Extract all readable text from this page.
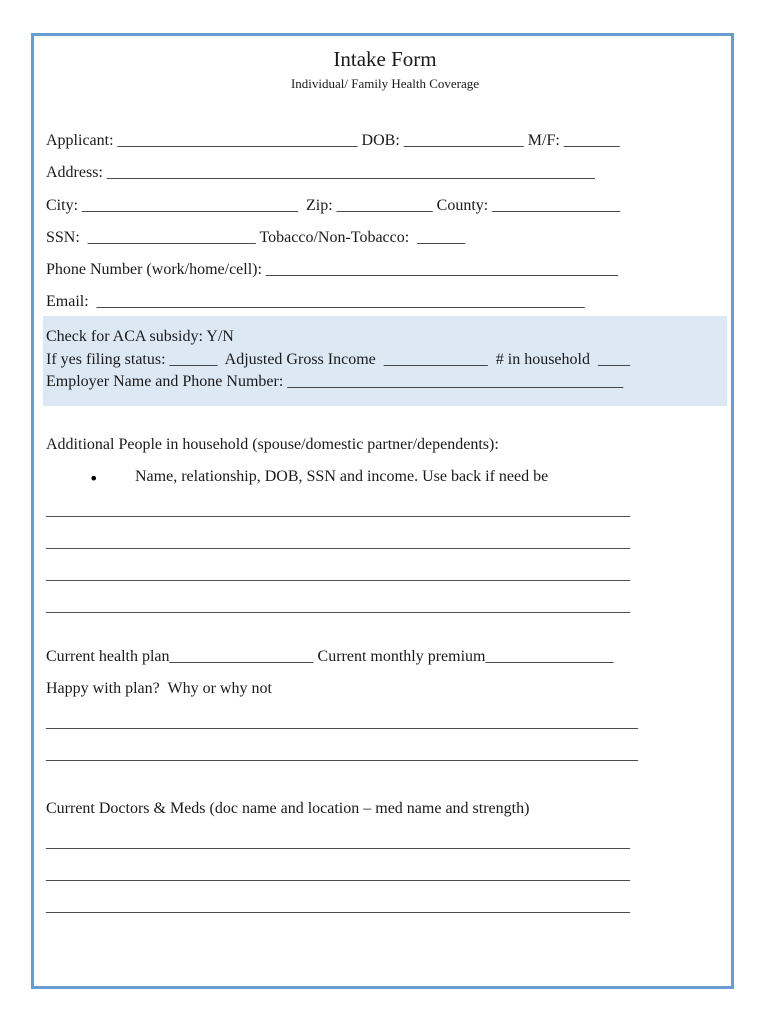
Intake Form
Individual/ Family Health Coverage
Applicant: ______________________________ DOB: _______________ M/F: _______
Address: _____________________________________________________________
City: ___________________________  Zip: ____________ County: ________________
SSN:  _____________________ Tobacco/Non-Tobacco:  ______
Phone Number (work/home/cell): ____________________________________________
Email:  _____________________________________________________________
Check for ACA subsidy: Y/N
If yes filing status: ______  Adjusted Gross Income  _____________  # in household  ____
Employer Name and Phone Number: __________________________________________
Additional People in household (spouse/domestic partner/dependents):
• Name, relationship, DOB, SSN and income. Use back if need be
_________________________________________________________________________
_________________________________________________________________________
_________________________________________________________________________
_________________________________________________________________________
Current health plan__________________ Current monthly premium________________
Happy with plan?  Why or why not
__________________________________________________________________________
__________________________________________________________________________
Current Doctors & Meds (doc name and location – med name and strength)
_________________________________________________________________________
_________________________________________________________________________
_________________________________________________________________________
